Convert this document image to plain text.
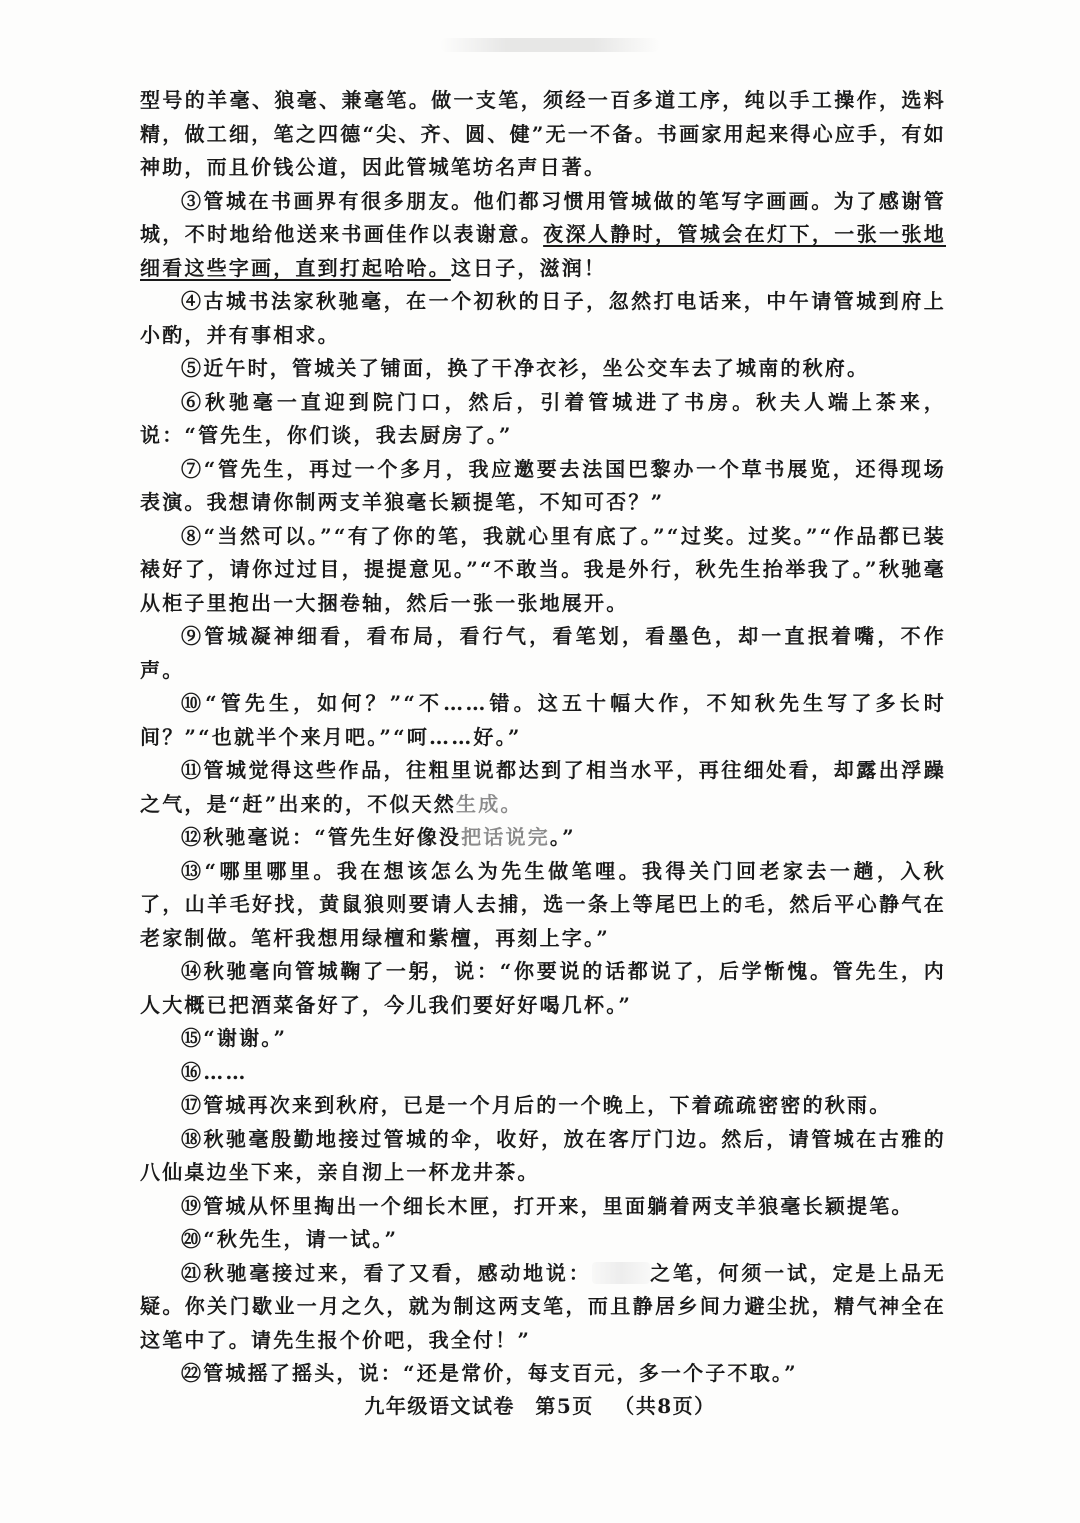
型号的羊毫、狼毫、兼毫笔。做一支笔，须经一百多道工序，纯以手工操作，选料精，做工细，笔之四德“尖、齐、圆、健”无一不备。书画家用起来得心应手，有如神助，而且价钱公道，因此管城笔坊名声日著。

③管城在书画界有很多朋友。他们都习惯用管城做的笔写字画画。为了感谢管城，不时地给他送来书画佳作以表谢意。夜深人静时，管城会在灯下，一张一张地细看这些字画，直到打起哈哈。这日子，滋润！

④古城书法家秋驰毫，在一个初秋的日子，忽然打电话来，中午请管城到府上小酌，并有事相求。

⑤近午时，管城关了铺面，换了干净衣衫，坐公交车去了城南的秋府。

⑥秋驰毫一直迎到院门口，然后，引着管城进了书房。秋夫人端上茶来，说：“管先生，你们谈，我去厨房了。”

⑦“管先生，再过一个多月，我应邀要去法国巴黎办一个草书展览，还得现场表演。我想请你制两支羊狼毫长颖提笔，不知可否？”

⑧“当然可以。”“有了你的笔，我就心里有底了。”“过奖。过奖。”“作品都已装裱好了，请你过过目，提提意见。”“不敢当。我是外行，秋先生抬举我了。”秋驰毫从柜子里抱出一大捆卷轴，然后一张一张地展开。

⑨管城凝神细看，看布局，看行气，看笔划，看墨色，却一直抿着嘴，不作声。

⑩“管先生，如何？”“不……错。这五十幅大作，不知秋先生写了多长时间？”“也就半个来月吧。”“呵……好。”

⑪管城觉得这些作品，往粗里说都达到了相当水平，再往细处看，却露出浮躁之气，是“赶”出来的，不似天然生成。

⑫秋驰毫说：“管先生好像没把话说完。”

⑬“哪里哪里。我在想该怎么为先生做笔哩。我得关门回老家去一趟，入秋了，山羊毛好找，黄鼠狼则要请人去捕，选一条上等尾巴上的毛，然后平心静气在老家制做。笔杆我想用绿檀和紫檀，再刻上字。”

⑭秋驰毫向管城鞠了一躬，说：“你要说的话都说了，后学惭愧。管先生，内人大概已把酒菜备好了，今儿我们要好好喝几杯。”

⑮“谢谢。”

⑯……

⑰管城再次来到秋府，已是一个月后的一个晚上，下着疏疏密密的秋雨。

⑱秋驰毫殷勤地接过管城的伞，收好，放在客厅门边。然后，请管城在古雅的八仙桌边坐下来，亲自沏上一杯龙井茶。

⑲管城从怀里掏出一个细长木匣，打开来，里面躺着两支羊狼毫长颖提笔。

⑳“秋先生，请一试。”

㉑秋驰毫接过来，看了又看，感动地说：	之笔，何须一试，定是上品无疑。你关门歇业一月之久，就为制这两支笔，而且静居乡间力避尘扰，精气神全在这笔中了。请先生报个价吧，我全付！”

㉒管城摇了摇头，说：“还是常价，每支百元，多一个子不取。”

九年级语文试卷 第5页 （共8页）
